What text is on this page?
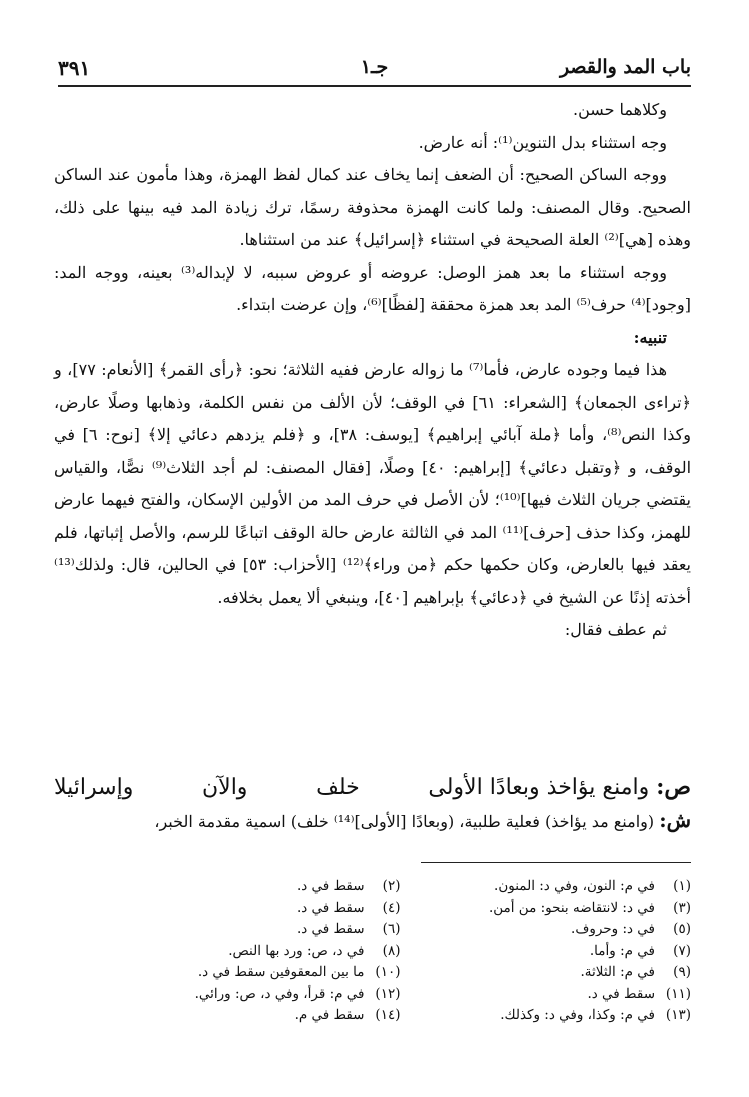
باب المد والقصر
جـ١
٣٩١

وكلاهما حسن.

وجه استثناء بدل التنوين⁽¹⁾: أنه عارض.

ووجه الساكن الصحيح: أن الضعف إنما يخاف عند كمال لفظ الهمزة، وهذا مأمون عند الساكن الصحيح. وقال المصنف: ولما كانت الهمزة محذوفة رسمًا، ترك زيادة المد فيه بينها على ذلك، وهذه [هي]⁽²⁾ العلة الصحيحة في استثناء ﴿إسرائيل﴾ عند من استثناها.

ووجه استثناء ما بعد همز الوصل: عروضه أو عروض سببه، لا لإبداله⁽³⁾ بعينه، ووجه المد: [وجود]⁽⁴⁾ حرف⁽⁵⁾ المد بعد همزة محققة [لفظًا]⁽⁶⁾، وإن عرضت ابتداء.

تنبيه:

هذا فيما وجوده عارض، فأما⁽⁷⁾ ما زواله عارض ففيه الثلاثة؛ نحو: ﴿رأى القمر﴾ [الأنعام: ٧٧]، و ﴿تراءى الجمعان﴾ [الشعراء: ٦١] في الوقف؛ لأن الألف من نفس الكلمة، وذهابها وصلًا عارض، وكذا النص⁽⁸⁾، وأما ﴿ملة آبائي إبراهيم﴾ [يوسف: ٣٨]، و ﴿فلم يزدهم دعائي إلا﴾ [نوح: ٦] في الوقف، و ﴿وتقبل دعائي﴾ [إبراهيم: ٤٠] وصلًا، [فقال المصنف: لم أجد الثلاث⁽⁹⁾ نصًّا، والقياس يقتضي جريان الثلاث فيها]⁽¹⁰⁾؛ لأن الأصل في حرف المد من الأولين الإسكان، والفتح فيهما عارض للهمز، وكذا حذف [حرف]⁽¹¹⁾ المد في الثالثة عارض حالة الوقف اتباعًا للرسم، والأصل إثباتها، فلم يعقد فيها بالعارض، وكان حكمها حكم ﴿من وراء﴾⁽¹²⁾ [الأحزاب: ٥٣] في الحالين، قال: ولذلك⁽¹³⁾ أخذته إذنًا عن الشيخ في ﴿دعائي﴾ بإبراهيم [٤٠]، وينبغي ألا يعمل بخلافه.

ثم عطف فقال:

ص: وامنع يؤاخذ وبعادًا الأولى
خلف
والآن
وإسرائيلا
ش: (وامنع مد يؤاخذ) فعلية طلبية، (وبعادًا [الأولى]⁽¹⁴⁾ خلف) اسمية مقدمة الخبر،
(١)في م: النون، وفي د: المنون.
(٣)في د: لانتقاضه بنحو: من أمن.
(٥)في د: وحروف.
(٧)في م: وأما.
(٩)في م: الثلاثة.
(١١)سقط في د.
(١٣)في م: وكذا، وفي د: وكذلك.
(٢)سقط في د.
(٤)سقط في د.
(٦)سقط في د.
(٨)في د، ص: ورد بها النص.
(١٠)ما بين المعقوفين سقط في د.
(١٢)في م: قرأ، وفي د، ص: ورائي.
(١٤)سقط في م.
